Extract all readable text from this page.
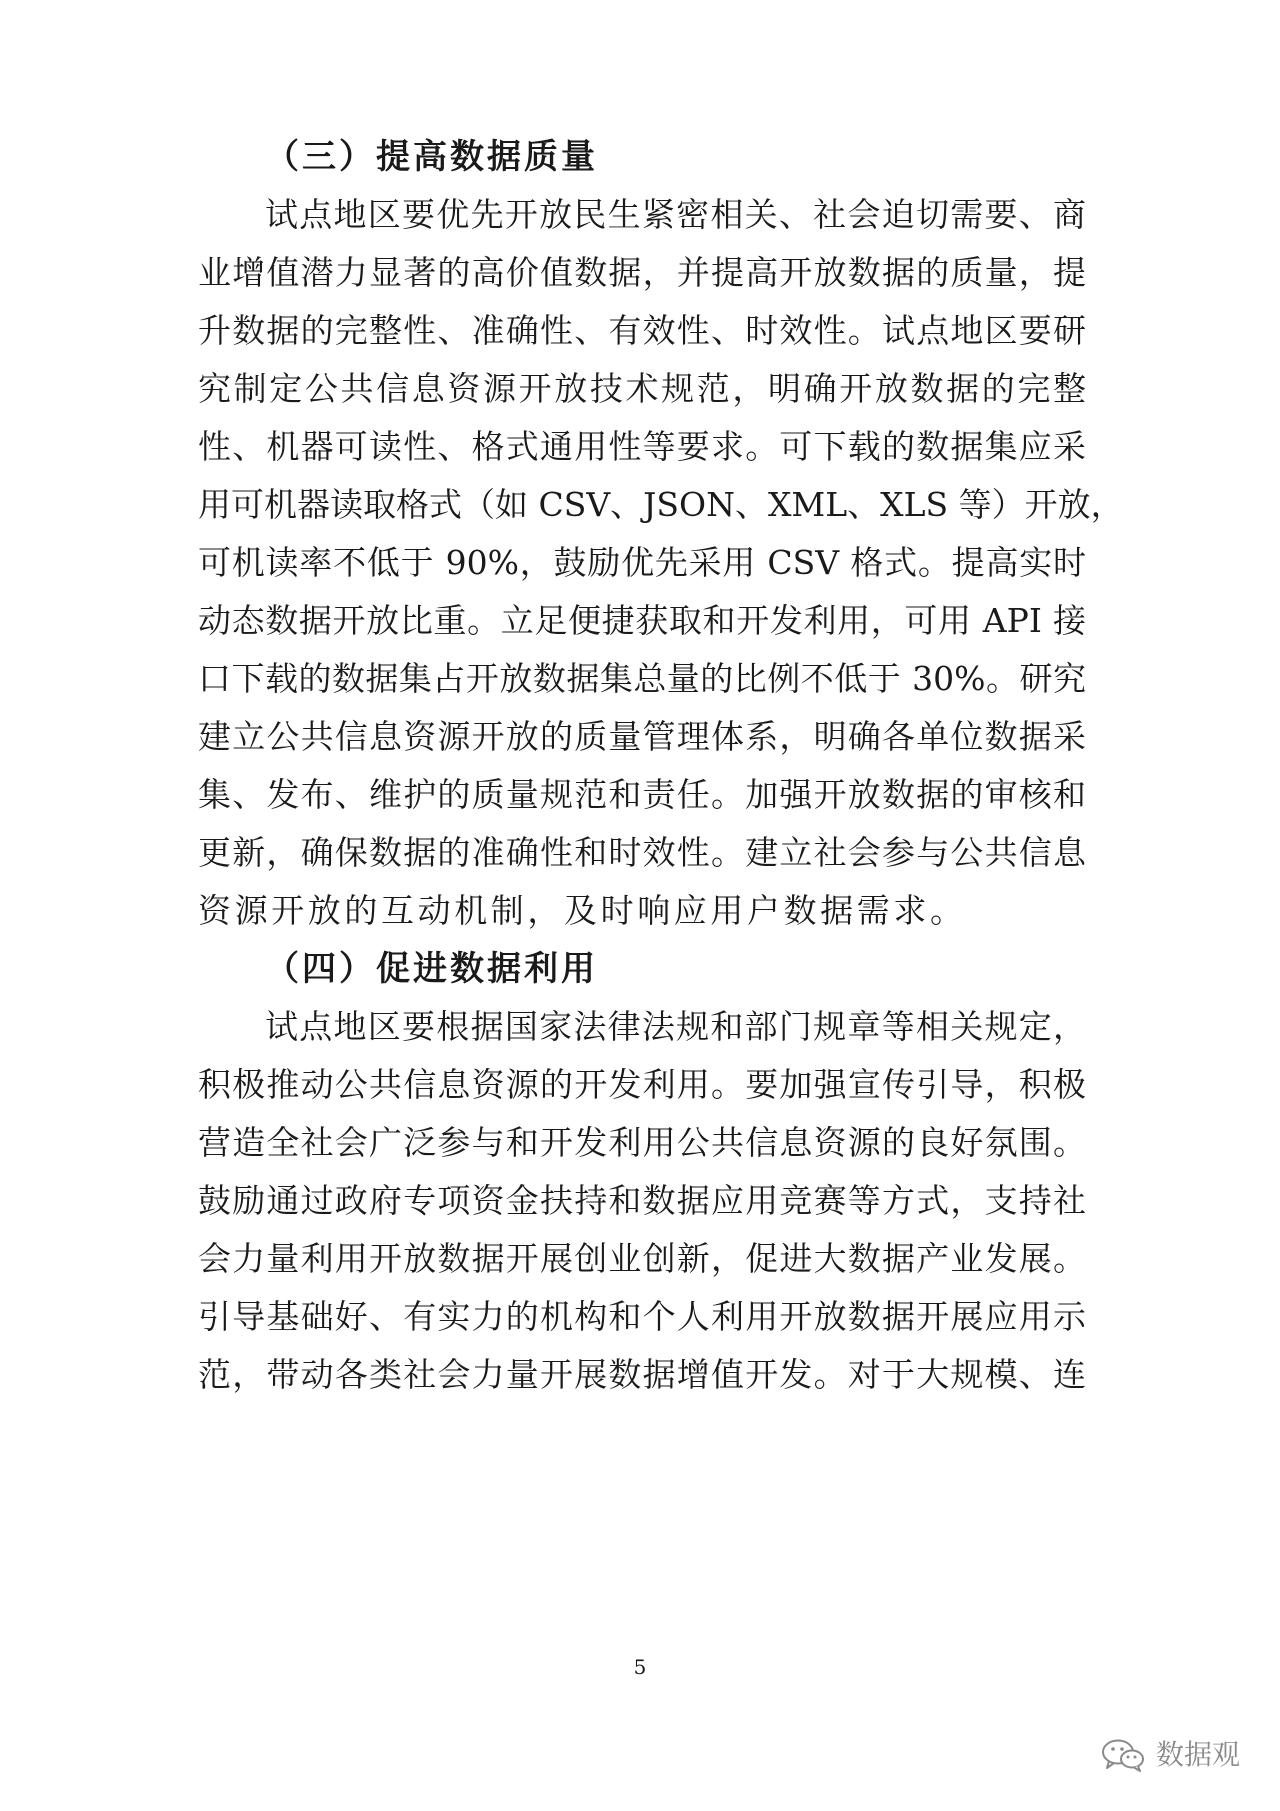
（三）提高数据质量
试点地区要优先开放民生紧密相关、社会迫切需要、商
业增值潜力显著的高价值数据，并提高开放数据的质量，提
升数据的完整性、准确性、有效性、时效性。试点地区要研
究制定公共信息资源开放技术规范，明确开放数据的完整
性、机器可读性、格式通用性等要求。可下载的数据集应采
用可机器读取格式（如 CSV、JSON、XML、XLS 等）开放，
可机读率不低于 90%，鼓励优先采用 CSV 格式。提高实时
动态数据开放比重。立足便捷获取和开发利用，可用 API 接
口下载的数据集占开放数据集总量的比例不低于 30%。研究
建立公共信息资源开放的质量管理体系，明确各单位数据采
集、发布、维护的质量规范和责任。加强开放数据的审核和
更新，确保数据的准确性和时效性。建立社会参与公共信息
资源开放的互动机制，及时响应用户数据需求。
（四）促进数据利用
试点地区要根据国家法律法规和部门规章等相关规定，
积极推动公共信息资源的开发利用。要加强宣传引导，积极
营造全社会广泛参与和开发利用公共信息资源的良好氛围。
鼓励通过政府专项资金扶持和数据应用竞赛等方式，支持社
会力量利用开放数据开展创业创新，促进大数据产业发展。
引导基础好、有实力的机构和个人利用开放数据开展应用示
范，带动各类社会力量开展数据增值开发。对于大规模、连
5
数据观
